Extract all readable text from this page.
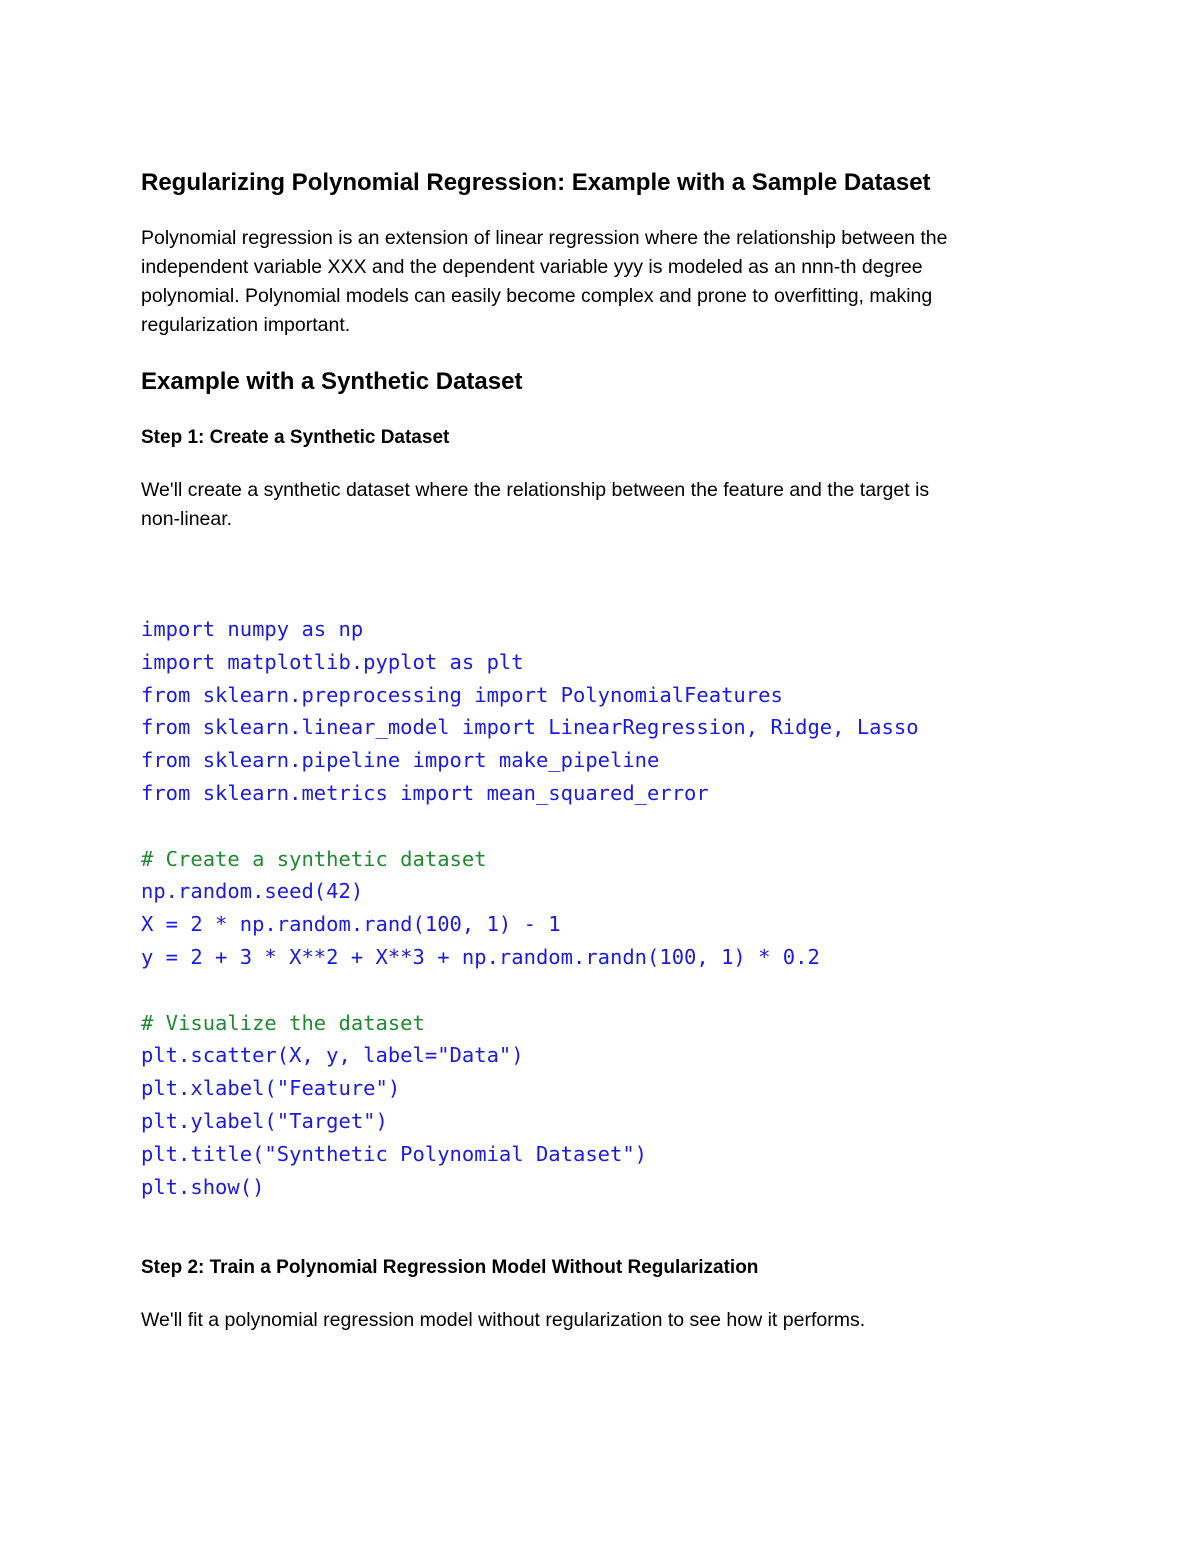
Regularizing Polynomial Regression: Example with a Sample Dataset
Polynomial regression is an extension of linear regression where the relationship between the
independent variable XXX and the dependent variable yyy is modeled as an nnn-th degree
polynomial. Polynomial models can easily become complex and prone to overfitting, making
regularization important.
Example with a Synthetic Dataset
Step 1: Create a Synthetic Dataset
We'll create a synthetic dataset where the relationship between the feature and the target is
non-linear.
import numpy as np
import matplotlib.pyplot as plt
from sklearn.preprocessing import PolynomialFeatures
from sklearn.linear_model import LinearRegression, Ridge, Lasso
from sklearn.pipeline import make_pipeline
from sklearn.metrics import mean_squared_error
# Create a synthetic dataset
np.random.seed(42)
X = 2 * np.random.rand(100, 1) - 1
y = 2 + 3 * X**2 + X**3 + np.random.randn(100, 1) * 0.2
# Visualize the dataset
plt.scatter(X, y, label="Data")
plt.xlabel("Feature")
plt.ylabel("Target")
plt.title("Synthetic Polynomial Dataset")
plt.show()
Step 2: Train a Polynomial Regression Model Without Regularization

We'll fit a polynomial regression model without regularization to see how it performs.
